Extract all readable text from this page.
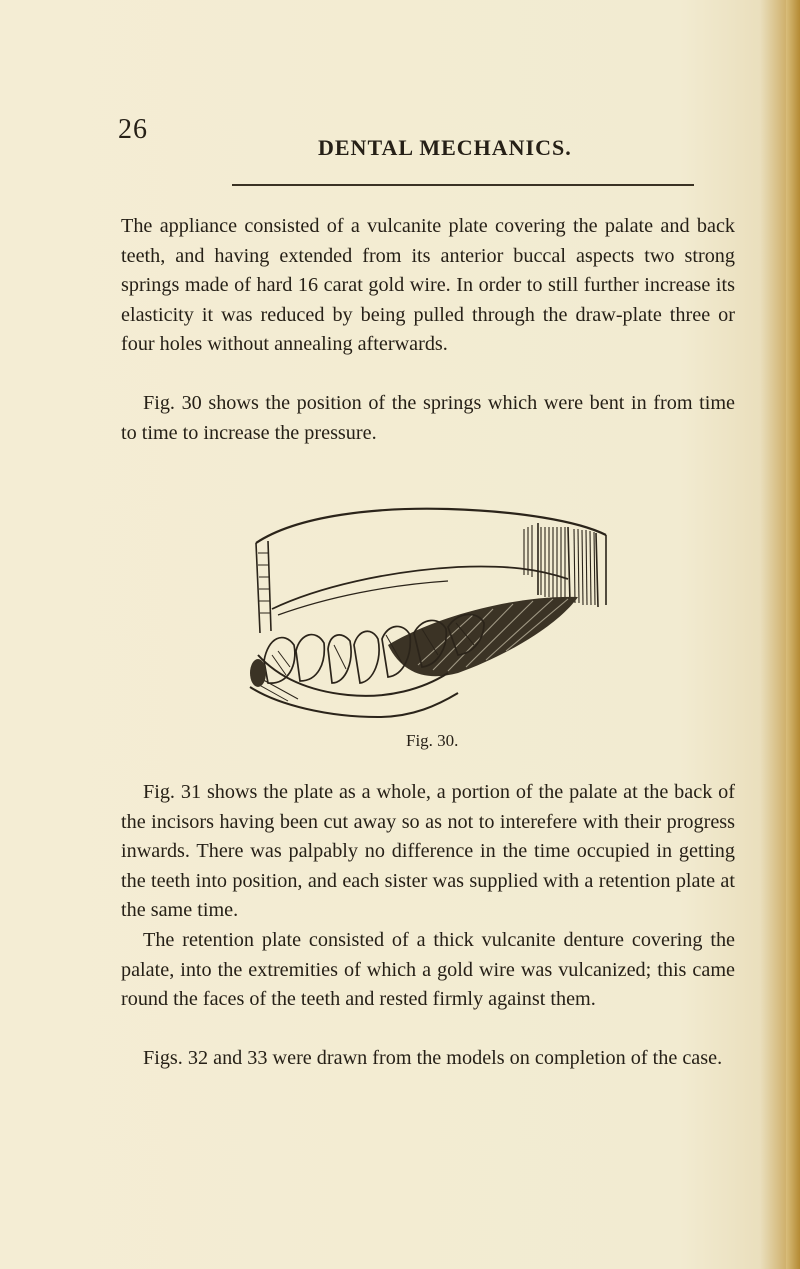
26
DENTAL MECHANICS.

The appliance consisted of a vulcanite plate covering the palate and back teeth, and having extended from its anterior buccal aspects two strong springs made of hard 16 carat gold wire. In order to still further increase its elasticity it was reduced by being pulled through the draw-plate three or four holes without annealing afterwards.

Fig. 30 shows the position of the springs which were bent in from time to time to increase the pressure.

Fig. 30.

Fig. 31 shows the plate as a whole, a portion of the palate at the back of the incisors having been cut away so as not to interefere with their progress inwards. There was palpably no difference in the time occupied in getting the teeth into position, and each sister was supplied with a retention plate at the same time.

The retention plate consisted of a thick vulcanite denture covering the palate, into the extremities of which a gold wire was vulcanized; this came round the faces of the teeth and rested firmly against them.

Figs. 32 and 33 were drawn from the models on completion of the case.
